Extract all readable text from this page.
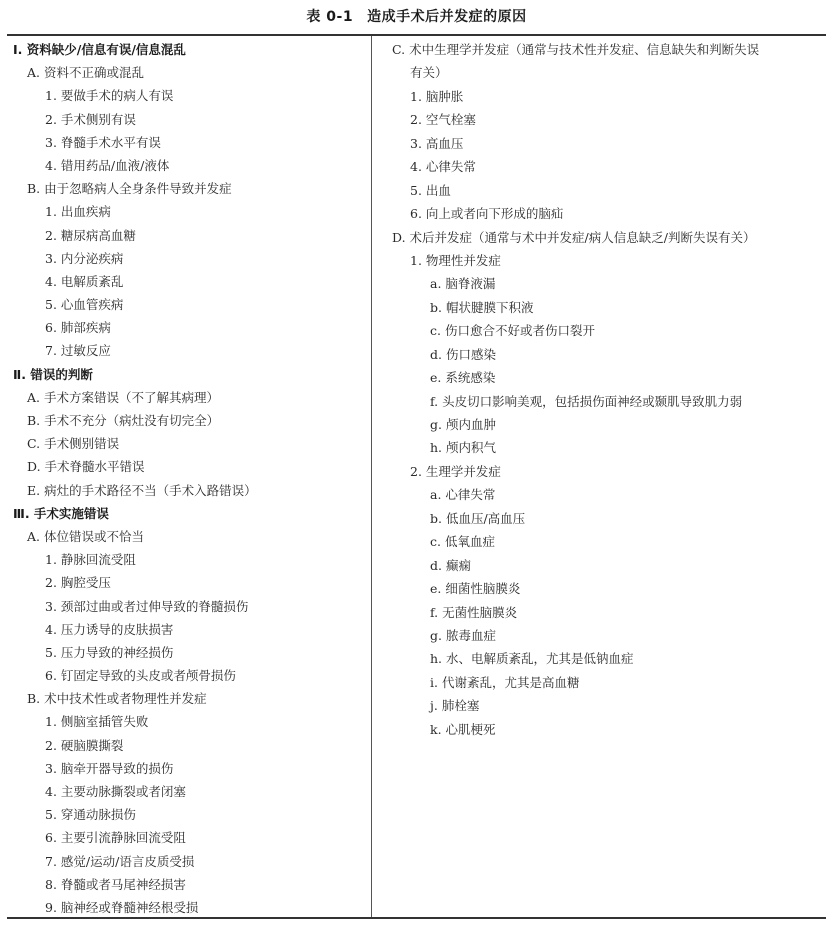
表 0-1 造成手术后并发症的原因
Ⅰ. 资料缺少/信息有误/信息混乱
A. 资料不正确或混乱
1. 要做手术的病人有误
2. 手术侧别有误
3. 脊髓手术水平有误
4. 错用药品/血液/液体
B. 由于忽略病人全身条件导致并发症
1. 出血疾病
2. 糖尿病高血糖
3. 内分泌疾病
4. 电解质紊乱
5. 心血管疾病
6. 肺部疾病
7. 过敏反应
Ⅱ. 错误的判断
A. 手术方案错误（不了解其病理）
B. 手术不充分（病灶没有切完全）
C. 手术侧别错误
D. 手术脊髓水平错误
E. 病灶的手术路径不当（手术入路错误）
Ⅲ. 手术实施错误
A. 体位错误或不恰当
1. 静脉回流受阻
2. 胸腔受压
3. 颈部过曲或者过伸导致的脊髓损伤
4. 压力诱导的皮肤损害
5. 压力导致的神经损伤
6. 钉固定导致的头皮或者颅骨损伤
B. 术中技术性或者物理性并发症
1. 侧脑室插管失败
2. 硬脑膜撕裂
3. 脑牵开器导致的损伤
4. 主要动脉撕裂或者闭塞
5. 穿通动脉损伤
6. 主要引流静脉回流受阻
7. 感觉/运动/语言皮质受损
8. 脊髓或者马尾神经损害
9. 脑神经或脊髓神经根受损
C. 术中生理学并发症（通常与技术性并发症、信息缺失和判断失误
有关）
1. 脑肿胀
2. 空气栓塞
3. 高血压
4. 心律失常
5. 出血
6. 向上或者向下形成的脑疝
D. 术后并发症（通常与术中并发症/病人信息缺乏/判断失误有关）
1. 物理性并发症
a. 脑脊液漏
b. 帽状腱膜下积液
c. 伤口愈合不好或者伤口裂开
d. 伤口感染
e. 系统感染
f. 头皮切口影响美观，包括损伤面神经或颞肌导致肌力弱
g. 颅内血肿
h. 颅内积气
2. 生理学并发症
a. 心律失常
b. 低血压/高血压
c. 低氧血症
d. 癫痫
e. 细菌性脑膜炎
f. 无菌性脑膜炎
g. 脓毒血症
h. 水、电解质紊乱，尤其是低钠血症
i. 代谢紊乱，尤其是高血糖
j. 肺栓塞
k. 心肌梗死
